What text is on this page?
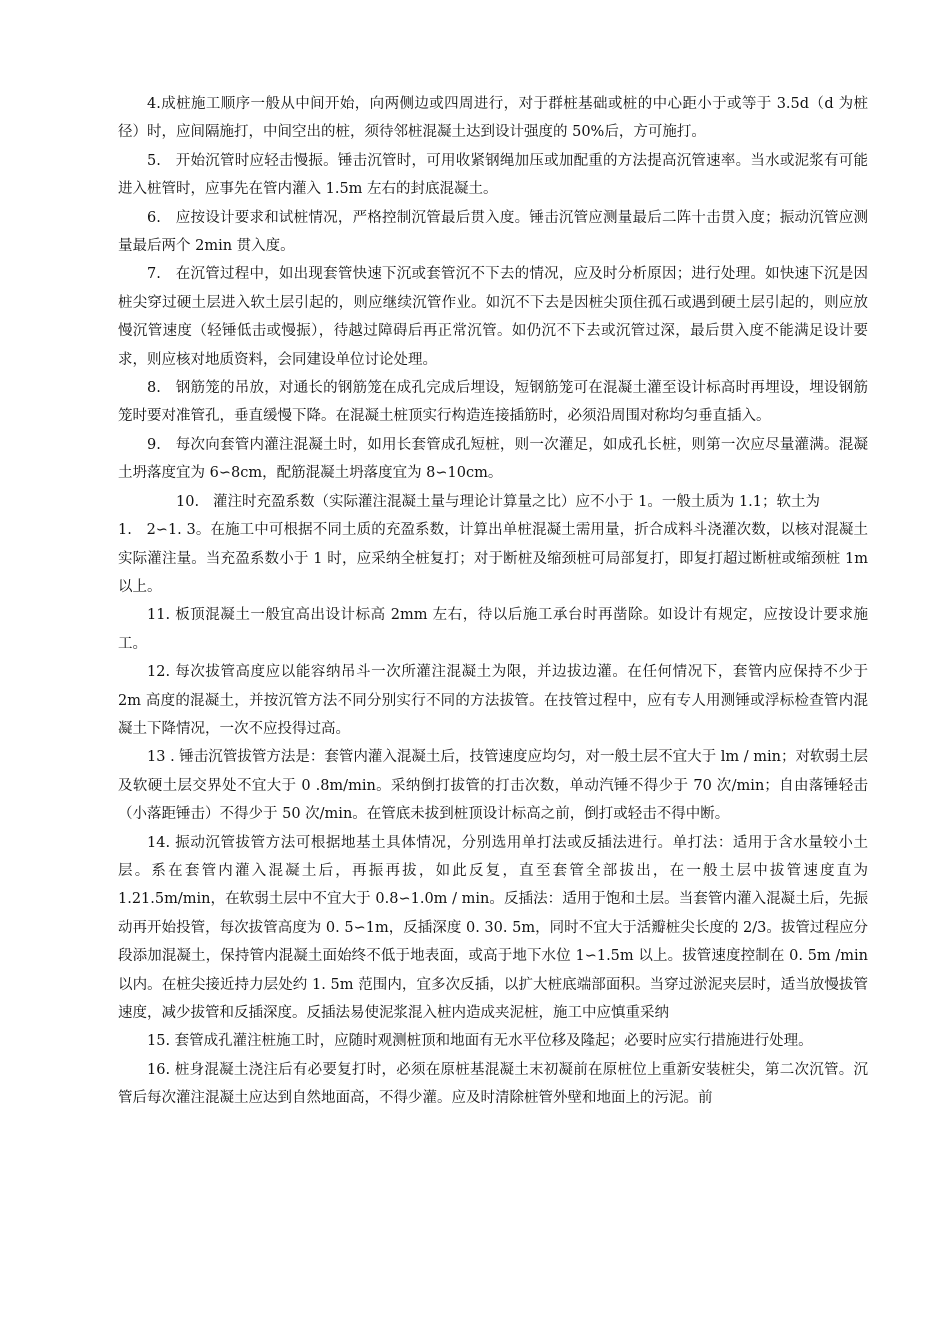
4.成桩施工顺序一般从中间开始，向两侧边或四周进行，对于群桩基础或桩的中心距小于或等于 3.5d（d 为桩径）时，应间隔施打，中间空出的桩，须待邻桩混凝土达到设计强度的 50%后，方可施打。

5.　开始沉管时应轻击慢振。锤击沉管时，可用收紧钢绳加压或加配重的方法提高沉管速率。当水或泥浆有可能进入桩管时，应事先在管内灌入 1.5m 左右的封底混凝土。

6.　应按设计要求和试桩情况，严格控制沉管最后贯入度。锤击沉管应测量最后二阵十击贯入度；振动沉管应测量最后两个 2min 贯入度。

7.　在沉管过程中，如出现套管快速下沉或套管沉不下去的情况，应及时分析原因；进行处理。如快速下沉是因桩尖穿过硬土层进入软土层引起的，则应继续沉管作业。如沉不下去是因桩尖顶住孤石或遇到硬土层引起的，则应放慢沉管速度（轻锤低击或慢振），待越过障碍后再正常沉管。如仍沉不下去或沉管过深，最后贯入度不能满足设计要求，则应核对地质资料，会同建设单位讨论处理。

8.　钢筋笼的吊放，对通长的钢筋笼在成孔完成后埋设，短钢筋笼可在混凝土灌至设计标高时再埋设，埋设钢筋笼时要对准管孔，垂直缓慢下降。在混凝土桩顶实行构造连接插筋时，必须沿周围对称均匀垂直插入。

9.　每次向套管内灌注混凝土时，如用长套管成孔短桩，则一次灌足，如成孔长桩，则第一次应尽量灌满。混凝土坍落度宜为 6∽8cm，配筋混凝土坍落度宜为 8∽10cm。

10. 灌注时充盈系数（实际灌注混凝土量与理论计算量之比）应不小于 1。一般土质为 1.1；软土为
1.　2∽1. 3。在施工中可根据不同土质的充盈系数，计算出单桩混凝土需用量，折合成料斗浇灌次数，以核对混凝土实际灌注量。当充盈系数小于 1 时，应采纳全桩复打；对于断桩及缩颈桩可局部复打，即复打超过断桩或缩颈桩 1m 以上。

11. 板顶混凝土一般宜高出设计标高 2mm 左右，待以后施工承台时再凿除。如设计有规定，应按设计要求施工。

12. 每次拔管高度应以能容纳吊斗一次所灌注混凝土为限，并边拔边灌。在任何情况下，套管内应保持不少于 2m 高度的混凝土，并按沉管方法不同分别实行不同的方法拔管。在技管过程中，应有专人用测锤或浮标检查管内混凝土下降情况，一次不应投得过高。

13 . 锤击沉管拔管方法是：套管内灌入混凝土后，技管速度应均匀，对一般土层不宜大于 lm / min；对软弱土层及软硬土层交界处不宜大于 0 .8m/min。采纳倒打拔管的打击次数，单动汽锤不得少于 70 次/min；自由落锤轻击（小落距锤击）不得少于 50 次/min。在管底未拔到桩顶设计标高之前，倒打或轻击不得中断。

14. 振动沉管拔管方法可根据地基土具体情况，分别选用单打法或反插法进行。单打法：适用于含水量较小土层。系在套管内灌入混凝土后，再振再拔，如此反复，直至套管全部拔出，在一般土层中拔管速度直为 1.21.5m/min，在软弱土层中不宜大于 0.8∽1.0m / min。反插法：适用于饱和土层。当套管内灌入混凝土后，先振动再开始投管，每次拔管高度为 0. 5∽1m，反插深度 0. 30. 5m，同时不宜大于活瓣桩尖长度的 2/3。拔管过程应分段添加混凝土，保持管内混凝土面始终不低于地表面，或高于地下水位 1∽1.5m 以上。拔管速度控制在 0. 5m /min 以内。在桩尖接近持力层处约 1. 5m 范围内，宜多次反插，以扩大桩底端部面积。当穿过淤泥夹层时，适当放慢拔管速度，减少拔管和反插深度。反插法易使泥浆混入桩内造成夹泥桩，施工中应慎重采纳

15. 套管成孔灌注桩施工时，应随时观测桩顶和地面有无水平位移及隆起；必要时应实行措施进行处理。

16. 桩身混凝土浇注后有必要复打时，必须在原桩基混凝土末初凝前在原桩位上重新安装桩尖，第二次沉管。沉管后每次灌注混凝土应达到自然地面高，不得少灌。应及时清除桩管外壁和地面上的污泥。前
